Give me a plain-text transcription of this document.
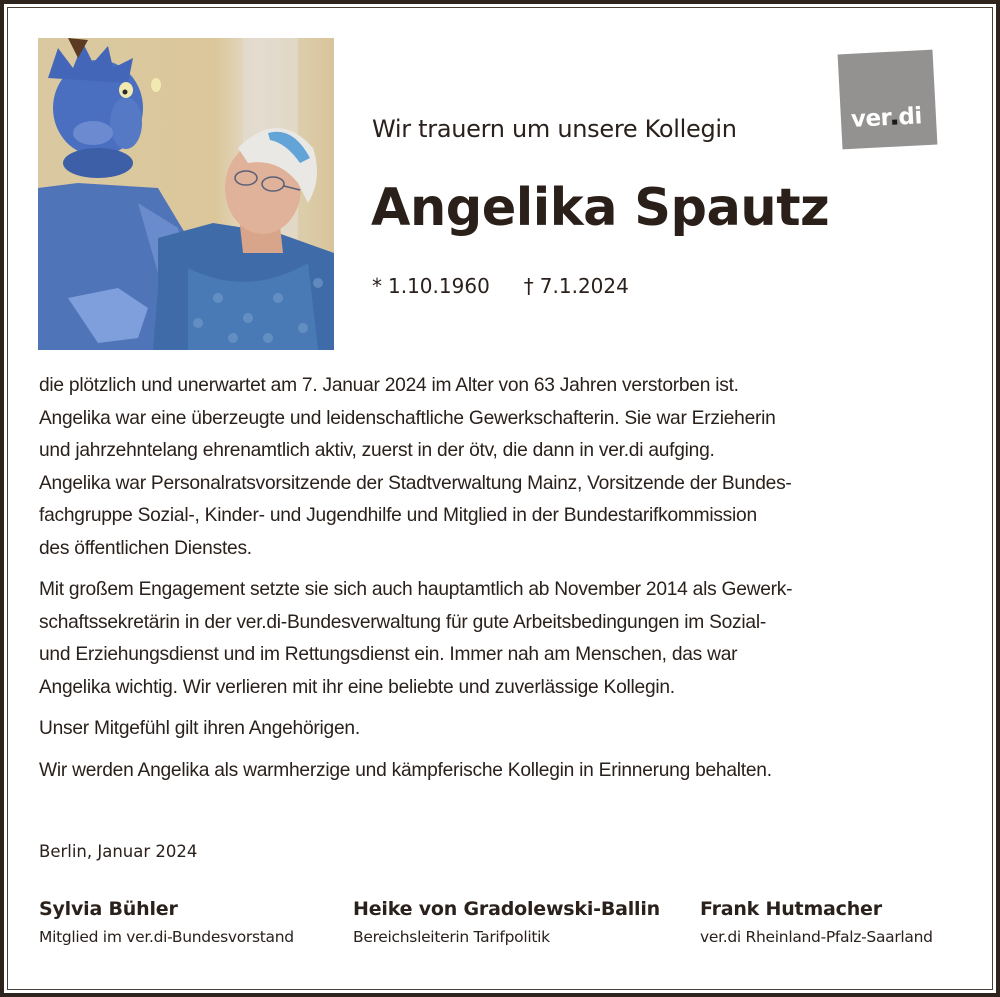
ver di
Wir trauern um unsere Kollegin
Angelika Spautz
* 1.10.1960 † 7.1.2024

die plötzlich und unerwartet am 7. Januar 2024 im Alter von 63 Jahren verstorben ist.
Angelika war eine überzeugte und leidenschaftliche Gewerkschafterin. Sie war Erzieherin
und jahrzehntelang ehrenamtlich aktiv, zuerst in der ötv, die dann in ver.di aufging.
Angelika war Personalratsvorsitzende der Stadtverwaltung Mainz, Vorsitzende der Bundes-
fachgruppe Sozial-, Kinder- und Jugendhilfe und Mitglied in der Bundestarifkommission
des öffentlichen Dienstes.

Mit großem Engagement setzte sie sich auch hauptamtlich ab November 2014 als Gewerk-
schaftssekretärin in der ver.di-Bundesverwaltung für gute Arbeitsbedingungen im Sozial-
und Erziehungsdienst und im Rettungsdienst ein. Immer nah am Menschen, das war
Angelika wichtig. Wir verlieren mit ihr eine beliebte und zuverlässige Kollegin.

Unser Mitgefühl gilt ihren Angehörigen.

Wir werden Angelika als warmherzige und kämpferische Kollegin in Erinnerung behalten.

Berlin, Januar 2024
Sylvia Bühler
Mitglied im ver.di-Bundesvorstand
Heike von Gradolewski-Ballin
Bereichsleiterin Tarifpolitik
Frank Hutmacher
ver.di Rheinland-Pfalz-Saarland
